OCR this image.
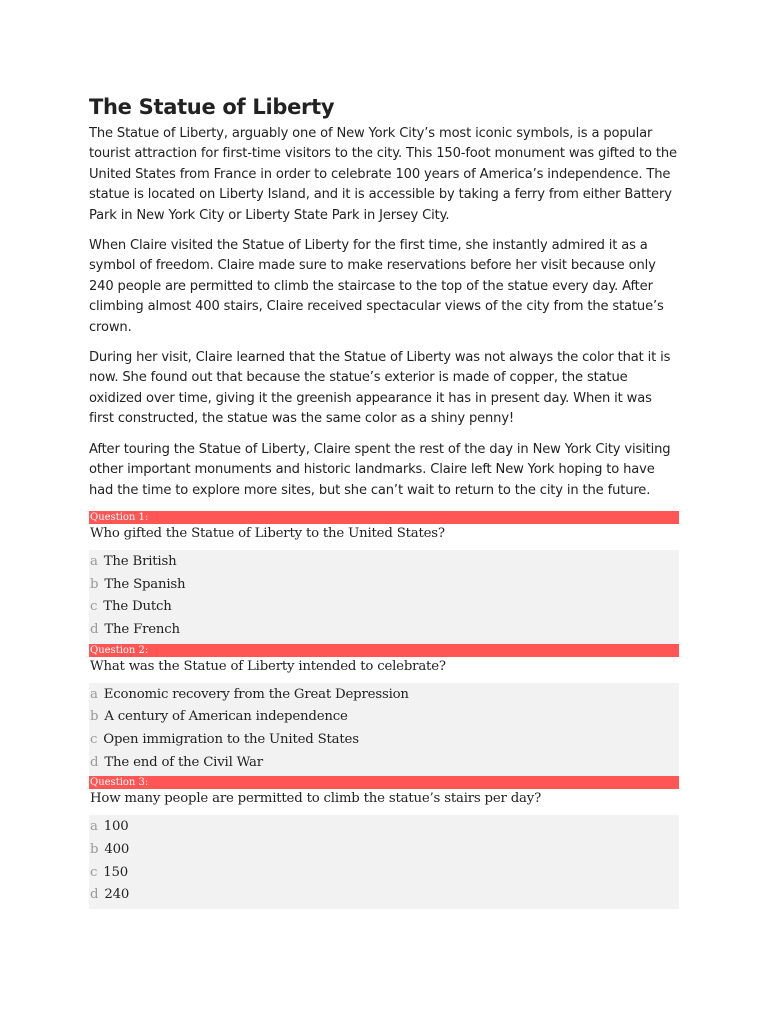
The Statue of Liberty

The Statue of Liberty, arguably one of New York City’s most iconic symbols, is a popular tourist attraction for first-time visitors to the city. This 150-foot monument was gifted to the United States from France in order to celebrate 100 years of America’s independence. The statue is located on Liberty Island, and it is accessible by taking a ferry from either Battery Park in New York City or Liberty State Park in Jersey City.

When Claire visited the Statue of Liberty for the first time, she instantly admired it as a symbol of freedom. Claire made sure to make reservations before her visit because only 240 people are permitted to climb the staircase to the top of the statue every day. After climbing almost 400 stairs, Claire received spectacular views of the city from the statue’s crown.

During her visit, Claire learned that the Statue of Liberty was not always the color that it is now. She found out that because the statue’s exterior is made of copper, the statue oxidized over time, giving it the greenish appearance it has in present day. When it was first constructed, the statue was the same color as a shiny penny!

After touring the Statue of Liberty, Claire spent the rest of the day in New York City visiting other important monuments and historic landmarks. Claire left New York hoping to have had the time to explore more sites, but she can’t wait to return to the city in the future.

Question 1:
Who gifted the Statue of Liberty to the United States?
a The British
b The Spanish
c The Dutch
d The French
Question 2:
What was the Statue of Liberty intended to celebrate?
a Economic recovery from the Great Depression
b A century of American independence
c Open immigration to the United States
d The end of the Civil War
Question 3:
How many people are permitted to climb the statue’s stairs per day?
a 100
b 400
c 150
d 240
